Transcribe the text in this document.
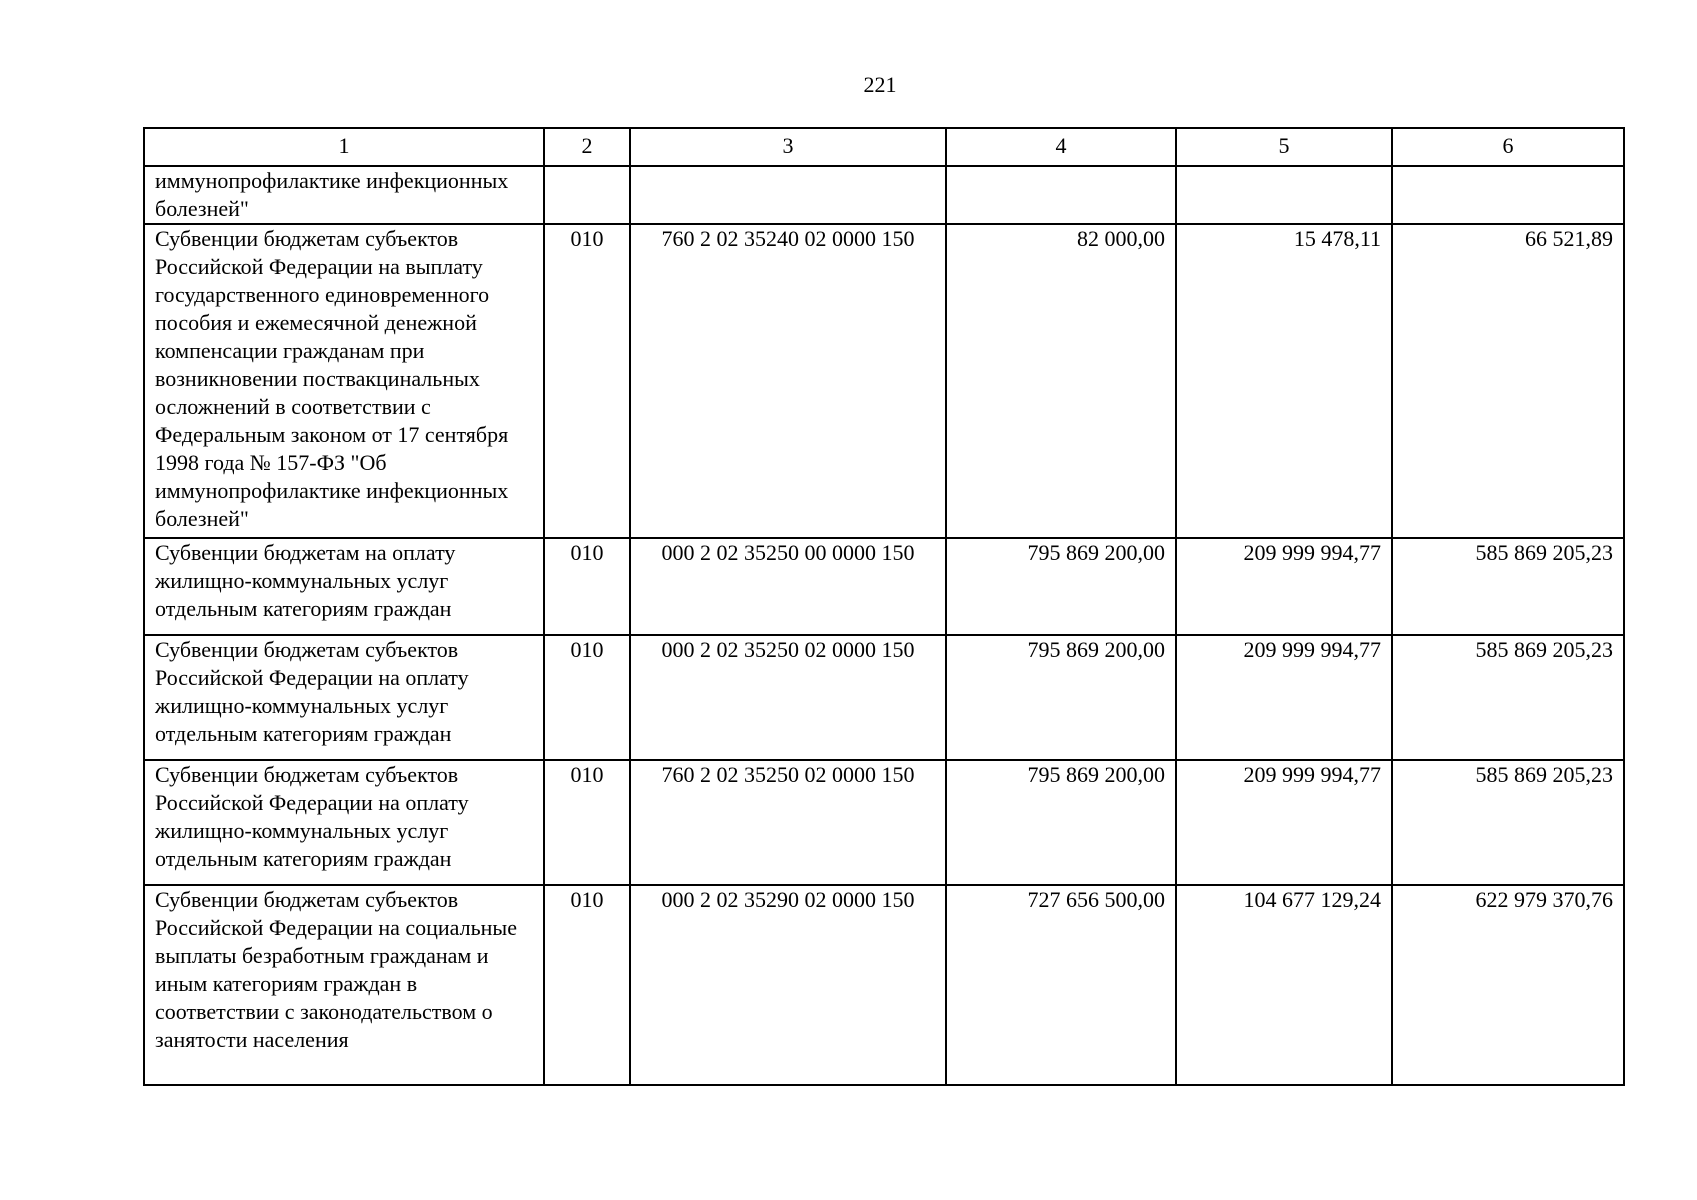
221
1	2	3	4	5	6
иммунопрофилактике инфекционных болезней"					
Субвенции бюджетам субъектов Российской Федерации на выплату государственного единовременного пособия и ежемесячной денежной компенсации гражданам при возникновении поствакцинальных осложнений в соответствии с Федеральным законом от 17 сентября 1998 года № 157-ФЗ "Об иммунопрофилактике инфекционных болезней"	010	760 2 02 35240 02 0000 150	82 000,00	15 478,11	66 521,89
Субвенции бюджетам на оплату жилищно-коммунальных услуг отдельным категориям граждан	010	000 2 02 35250 00 0000 150	795 869 200,00	209 999 994,77	585 869 205,23
Субвенции бюджетам субъектов Российской Федерации на оплату жилищно-коммунальных услуг отдельным категориям граждан	010	000 2 02 35250 02 0000 150	795 869 200,00	209 999 994,77	585 869 205,23
Субвенции бюджетам субъектов Российской Федерации на оплату жилищно-коммунальных услуг отдельным категориям граждан	010	760 2 02 35250 02 0000 150	795 869 200,00	209 999 994,77	585 869 205,23
Субвенции бюджетам субъектов Российской Федерации на социальные выплаты безработным гражданам и иным категориям граждан в соответствии с законодательством о занятости населения	010	000 2 02 35290 02 0000 150	727 656 500,00	104 677 129,24	622 979 370,76
